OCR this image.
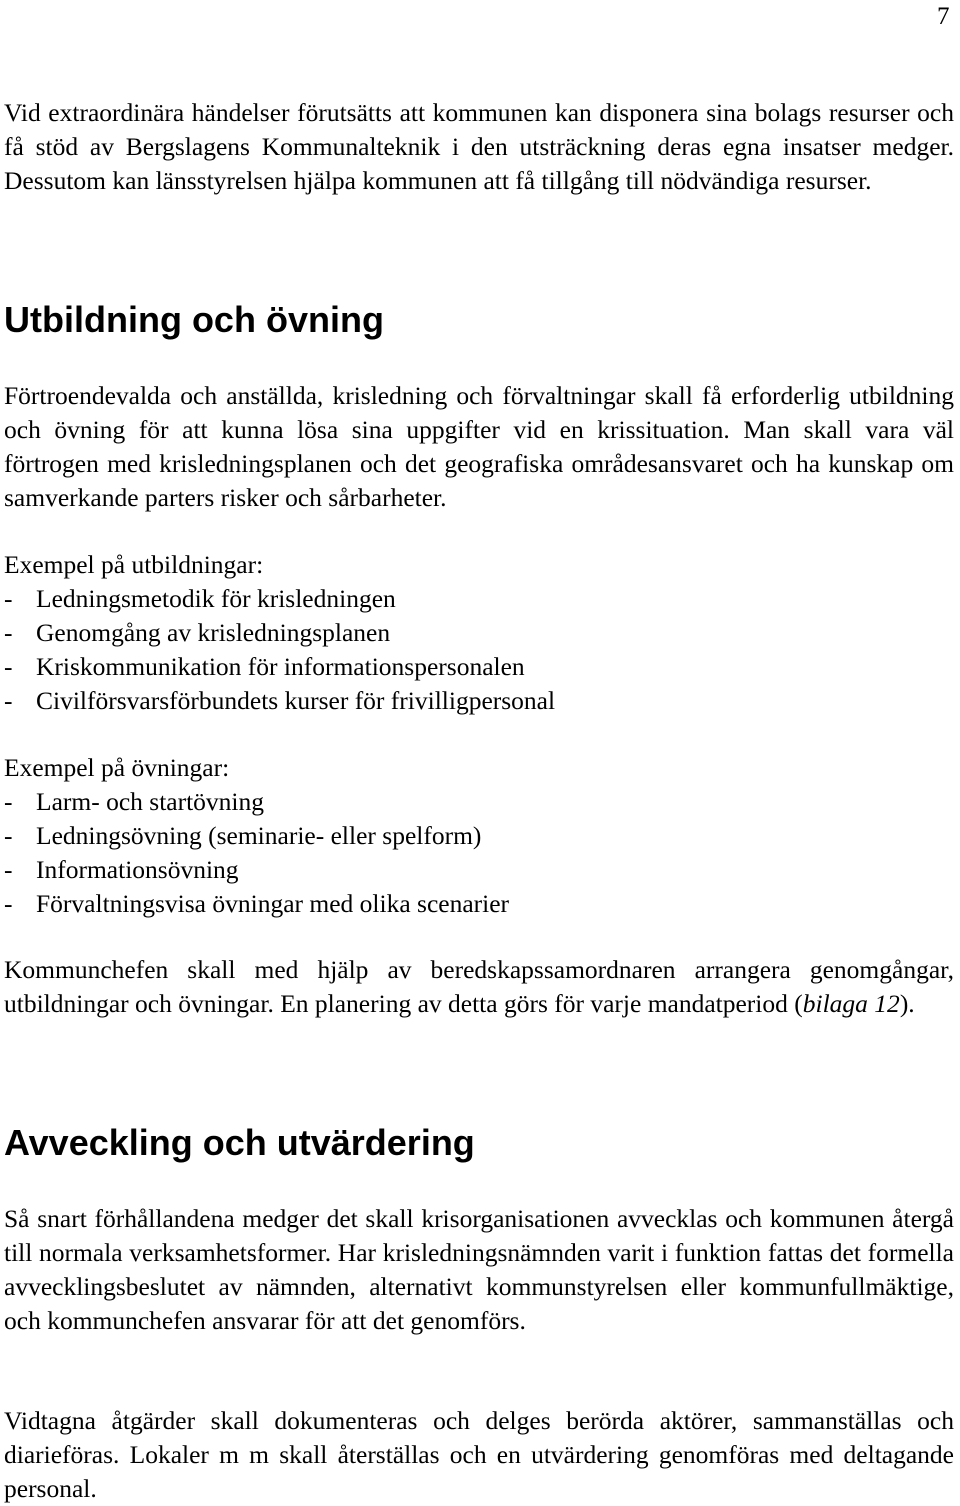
7

Vid extraordinära händelser förutsätts att kommunen kan disponera sina bolags resurser och få stöd av Bergslagens Kommunalteknik i den utsträckning deras egna insatser medger. Dessutom kan länsstyrelsen hjälpa kommunen att få tillgång till nödvändiga resurser.

Utbildning och övning

Förtroendevalda och anställda, krisledning och förvaltningar skall få erforderlig utbildning och övning för att kunna lösa sina uppgifter vid en krissituation. Man skall vara väl förtrogen med krisledningsplanen och det geografiska områdesansvaret och ha kunskap om samverkande parters risker och sårbarheter.

Exempel på utbildningar:

- Ledningsmetodik för krisledningen
- Genomgång av krisledningsplanen
- Kriskommunikation för informationspersonalen
- Civilförsvarsförbundets kurser för frivilligpersonal

Exempel på övningar:

- Larm- och startövning
- Ledningsövning (seminarie- eller spelform)
- Informationsövning
- Förvaltningsvisa övningar med olika scenarier

Kommunchefen skall med hjälp av beredskapssamordnaren arrangera genomgångar, utbildningar och övningar. En planering av detta görs för varje mandatperiod (bilaga 12).

Avveckling och utvärdering

Så snart förhållandena medger det skall krisorganisationen avvecklas och kommunen återgå till normala verksamhetsformer. Har krisledningsnämnden varit i funktion fattas det formella avvecklingsbeslutet av nämnden, alternativt kommunstyrelsen eller kommunfullmäktige, och kommunchefen ansvarar för att det genomförs.

Vidtagna åtgärder skall dokumenteras och delges berörda aktörer, sammanställas och diarieföras. Lokaler m m skall återställas och en utvärdering genomföras med deltagande personal.
